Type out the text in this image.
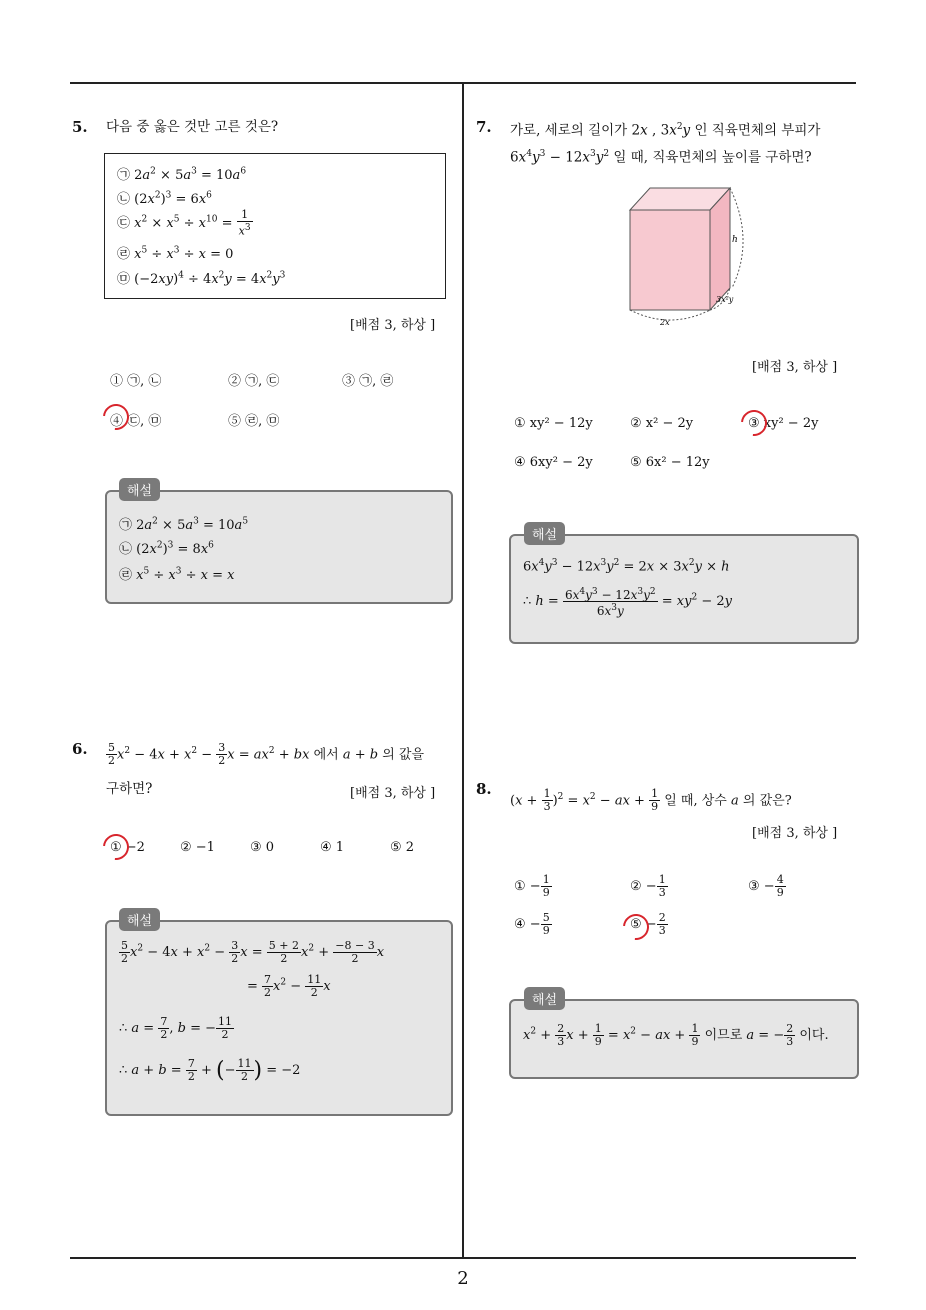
5. 다음 중 옳은 것만 고른 것은?
㉠ $2a^2 \times 5a^3 = 10a^6$
㉡ $(2x^2)^3 = 6x^6$
㉢ $x^2 \times x^5 \div x^{10} = \frac{1}{x^3}$
㉣ $x^5 \div x^3 \div x = 0$
㉤ $(-2xy)^4 \div 4x^2y = 4x^2y^3$
[배점 3, 하상 ]
① ㉠, ㉡	② ㉠, ㉢	③ ㉠, ㉣
④ ㉢, ㉤	⑤ ㉣, ㉤
㉠ $2a^2 \times 5a^3 = 10a^5$
㉡ $(2x^2)^3 = 8x^6$
㉣ $x^5 \div x^3 \div x = x$
해설
6. $\frac{5}{2} x^2 - 4x + x^2 - \frac{3}{2}$ $x = ax^2$ + bx 에서 a + b 의 값을
구하면?	[배점 3, 하상 ]
① −2	② −1	③ 0	④ 1	⑤ 2
$\frac{5}{2} x^2 - 4x + x^2 - \frac{3}{2}$ $x = \frac{5 + 2}{2} x^2 + \frac{-8 - 3}{2}$ x
= $\frac{7}{2} x^2 - \frac{11}{2}$ x
∴ $a = \frac{7}{2}$ , b = − $\frac{11}{2}$
∴ $a + b = \frac{7}{2}$ + (− $\frac{11}{2}$ ) = −2
해설
7. 가로, 세로의 길이가 2x , $3x^2y$ 인 직육면체의 부피가
$6x^4y^3 - 12x^3y^2$ 일 때, 직육면체의 높이를 구하면?
h
3x²y
2x
[배점 3, 하상 ]
① xy² − 12y	② x² − 2y	③ xy² − 2y
④ 6xy² − 2y	⑤ 6x² − 12y
$6x^4y^3 - 12x^3y^2 = 2x \times 3x^2y \times h$
∴ $h = \frac{6x^4y^3 - 12x^3y^2}{6x^3y} = xy^2 - 2y$
해설
8.
$(x + \frac{1}{3} )^2 = x^2$ − ax + $\frac{1}{9}$ 일 때, 상수 a 의 값은?
[배점 3, 하상 ]
① − $\frac{1}{9}$	② − $\frac{1}{3}$	③ − $\frac{4}{9}$
④ − $\frac{5}{9}$	⑤ − $\frac{2}{3}$
$x^2 + \frac{2}{3}$ $x + \frac{1}{9} = x^2$ − ax + $\frac{1}{9}$ 이므로 a = − $\frac{2}{3}$ 이다.
해설
2
